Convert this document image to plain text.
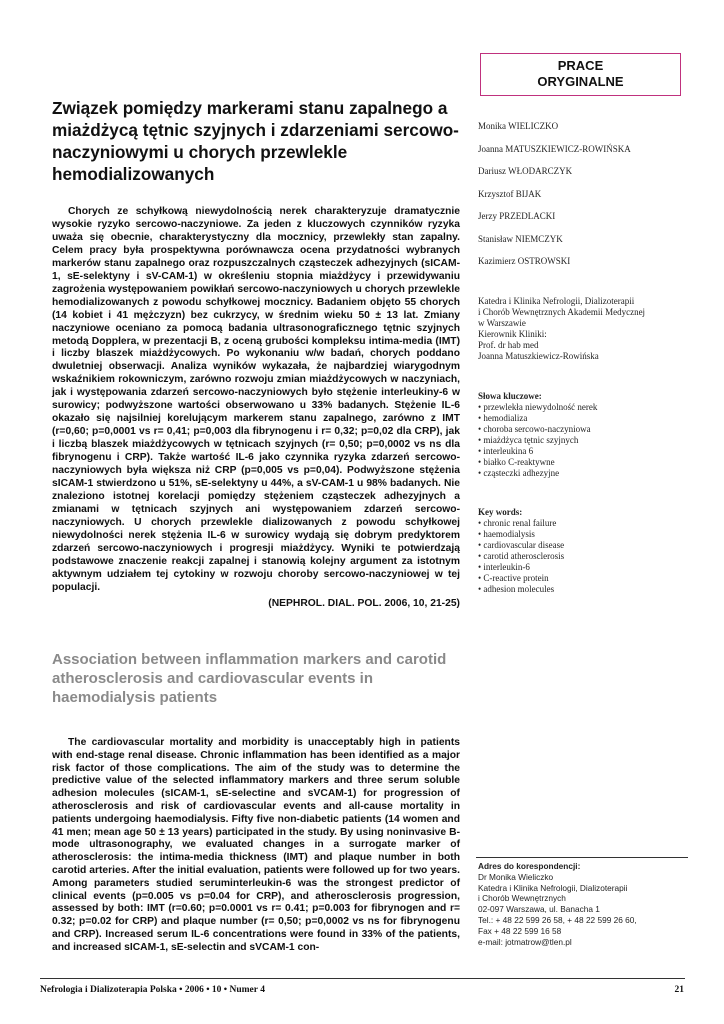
PRACE
ORYGINALNE
Związek pomiędzy markerami stanu zapalnego a miażdżycą tętnic szyjnych i zdarzeniami sercowo-naczyniowymi u chorych przewlekle hemodializowanych
Chorych ze schyłkową niewydolnością nerek charakteryzuje dramatycznie wysokie ryzyko sercowo-naczyniowe. Za jeden z kluczowych czynników ryzyka uważa się obecnie, charakterystyczny dla mocznicy, przewlekły stan zapalny. Celem pracy była prospektywna porównawcza ocena przydatności wybranych markerów stanu zapalnego oraz rozpuszczalnych cząsteczek adhezyjnych (sICAM-1, sE-selektyny i sV-CAM-1) w określeniu stopnia miażdżycy i przewidywaniu zagrożenia występowaniem powikłań sercowo-naczyniowych u chorych przewlekle hemodializowanych z powodu schyłkowej mocznicy. Badaniem objęto 55 chorych (14 kobiet i 41 mężczyzn) bez cukrzycy, w średnim wieku 50 ± 13 lat. Zmiany naczyniowe oceniano za pomocą badania ultrasonograficznego tętnic szyjnych metodą Dopplera, w prezentacji B, z oceną grubości kompleksu intima-media (IMT) i liczby blaszek miażdżycowych. Po wykonaniu w/w badań, chorych poddano dwuletniej obserwacji. Analiza wyników wykazała, że najbardziej wiarygodnym wskaźnikiem rokowniczym, zarówno rozwoju zmian miażdżycowych w naczyniach, jak i występowania zdarzeń sercowo-naczyniowych było stężenie interleukiny-6 w surowicy; podwyższone wartości obserwowano u 33% badanych. Stężenie IL-6 okazało się najsilniej korelującym markerem stanu zapalnego, zarówno z IMT (r=0,60; p=0,0001 vs r= 0,41; p=0,003 dla fibrynogenu i r= 0,32; p=0,02 dla CRP), jak i liczbą blaszek miażdżycowych w tętnicach szyjnych (r= 0,50; p=0,0002 vs ns dla fibrynogenu i CRP). Także wartość IL-6 jako czynnika ryzyka zdarzeń sercowo-naczyniowych była większa niż CRP (p=0,005 vs p=0,04). Podwyższone stężenia sICAM-1 stwierdzono u 51%, sE-selektyny u 44%, a sV-CAM-1 u 98% badanych. Nie znaleziono istotnej korelacji pomiędzy stężeniem cząsteczek adhezyjnych a zmianami w tętnicach szyjnych ani występowaniem zdarzeń sercowo-naczyniowych. U chorych przewlekle dializowanych z powodu schyłkowej niewydolności nerek stężenia IL-6 w surowicy wydają się dobrym predyktorem zdarzeń sercowo-naczyniowych i progresji miażdżycy. Wyniki te potwierdzają podstawowe znaczenie reakcji zapalnej i stanowią kolejny argument za istotnym aktywnym udziałem tej cytokiny w rozwoju choroby sercowo-naczyniowej w tej populacji.
(NEPHROL. DIAL. POL. 2006, 10, 21-25)
Association between inflammation markers and carotid atherosclerosis and cardiovascular events in haemodialysis patients
The cardiovascular mortality and morbidity is unacceptably high in patients with end-stage renal disease. Chronic inflammation has been identified as a major risk factor of those complications. The aim of the study was to determine the predictive value of the selected inflammatory markers and three serum soluble adhesion molecules (sICAM-1, sE-selectine and sVCAM-1) for progression of atherosclerosis and risk of cardiovascular events and all-cause mortality in patients undergoing haemodialysis. Fifty five non-diabetic patients (14 women and 41 men; mean age 50 ± 13 years) participated in the study. By using noninvasive B-mode ultrasonography, we evaluated changes in a surrogate marker of atherosclerosis: the intima-media thickness (IMT) and plaque number in both carotid arteries. After the initial evaluation, patients were followed up for two years. Among parameters studied seruminterleukin-6 was the strongest predictor of clinical events (p=0.005 vs p=0.04 for CRP), and atherosclerosis progression, assessed by both: IMT (r=0.60; p=0.0001 vs r= 0.41; p=0.003 for fibrynogen and r= 0.32; p=0.02 for CRP) and plaque number (r= 0,50; p=0,0002 vs ns for fibrynogenu and CRP). Increased serum IL-6 concentrations were found in 33% of the patients, and increased sICAM-1, sE-selectin and sVCAM-1 con-
Monika WIELICZKO
Joanna MATUSZKIEWICZ-ROWIŃSKA
Dariusz WŁODARCZYK
Krzysztof BIJAK
Jerzy PRZEDLACKI
Stanisław NIEMCZYK
Kazimierz OSTROWSKI
Katedra i Klinika Nefrologii, Dializoterapii
i Chorób Wewnętrznych Akademii Medycznej
w Warszawie
Kierownik Kliniki:
Prof. dr hab med
Joanna Matuszkiewicz-Rowińska
Słowa kluczowe:
• przewlekła niewydolność nerek
• hemodializa
• choroba sercowo-naczyniowa
• miażdżyca tętnic szyjnych
• interleukina 6
• białko C-reaktywne
• cząsteczki adhezyjne
Key words:
• chronic renal failure
• haemodialysis
• cardiovascular disease
• carotid atherosclerosis
• interleukin-6
• C-reactive protein
• adhesion molecules
Adres do korespondencji:
Dr Monika Wieliczko
Katedra i Klinika Nefrologii, Dializoterapii
i Chorób Wewnętrznych
02-097 Warszawa, ul. Banacha 1
Tel.: + 48 22 599 26 58, + 48 22 599 26 60,
Fax + 48 22 599 16 58
e-mail: jotmatrow@tlen.pl
Nefrologia i Dializoterapia Polska • 2006 • 10 • Numer 4	21
